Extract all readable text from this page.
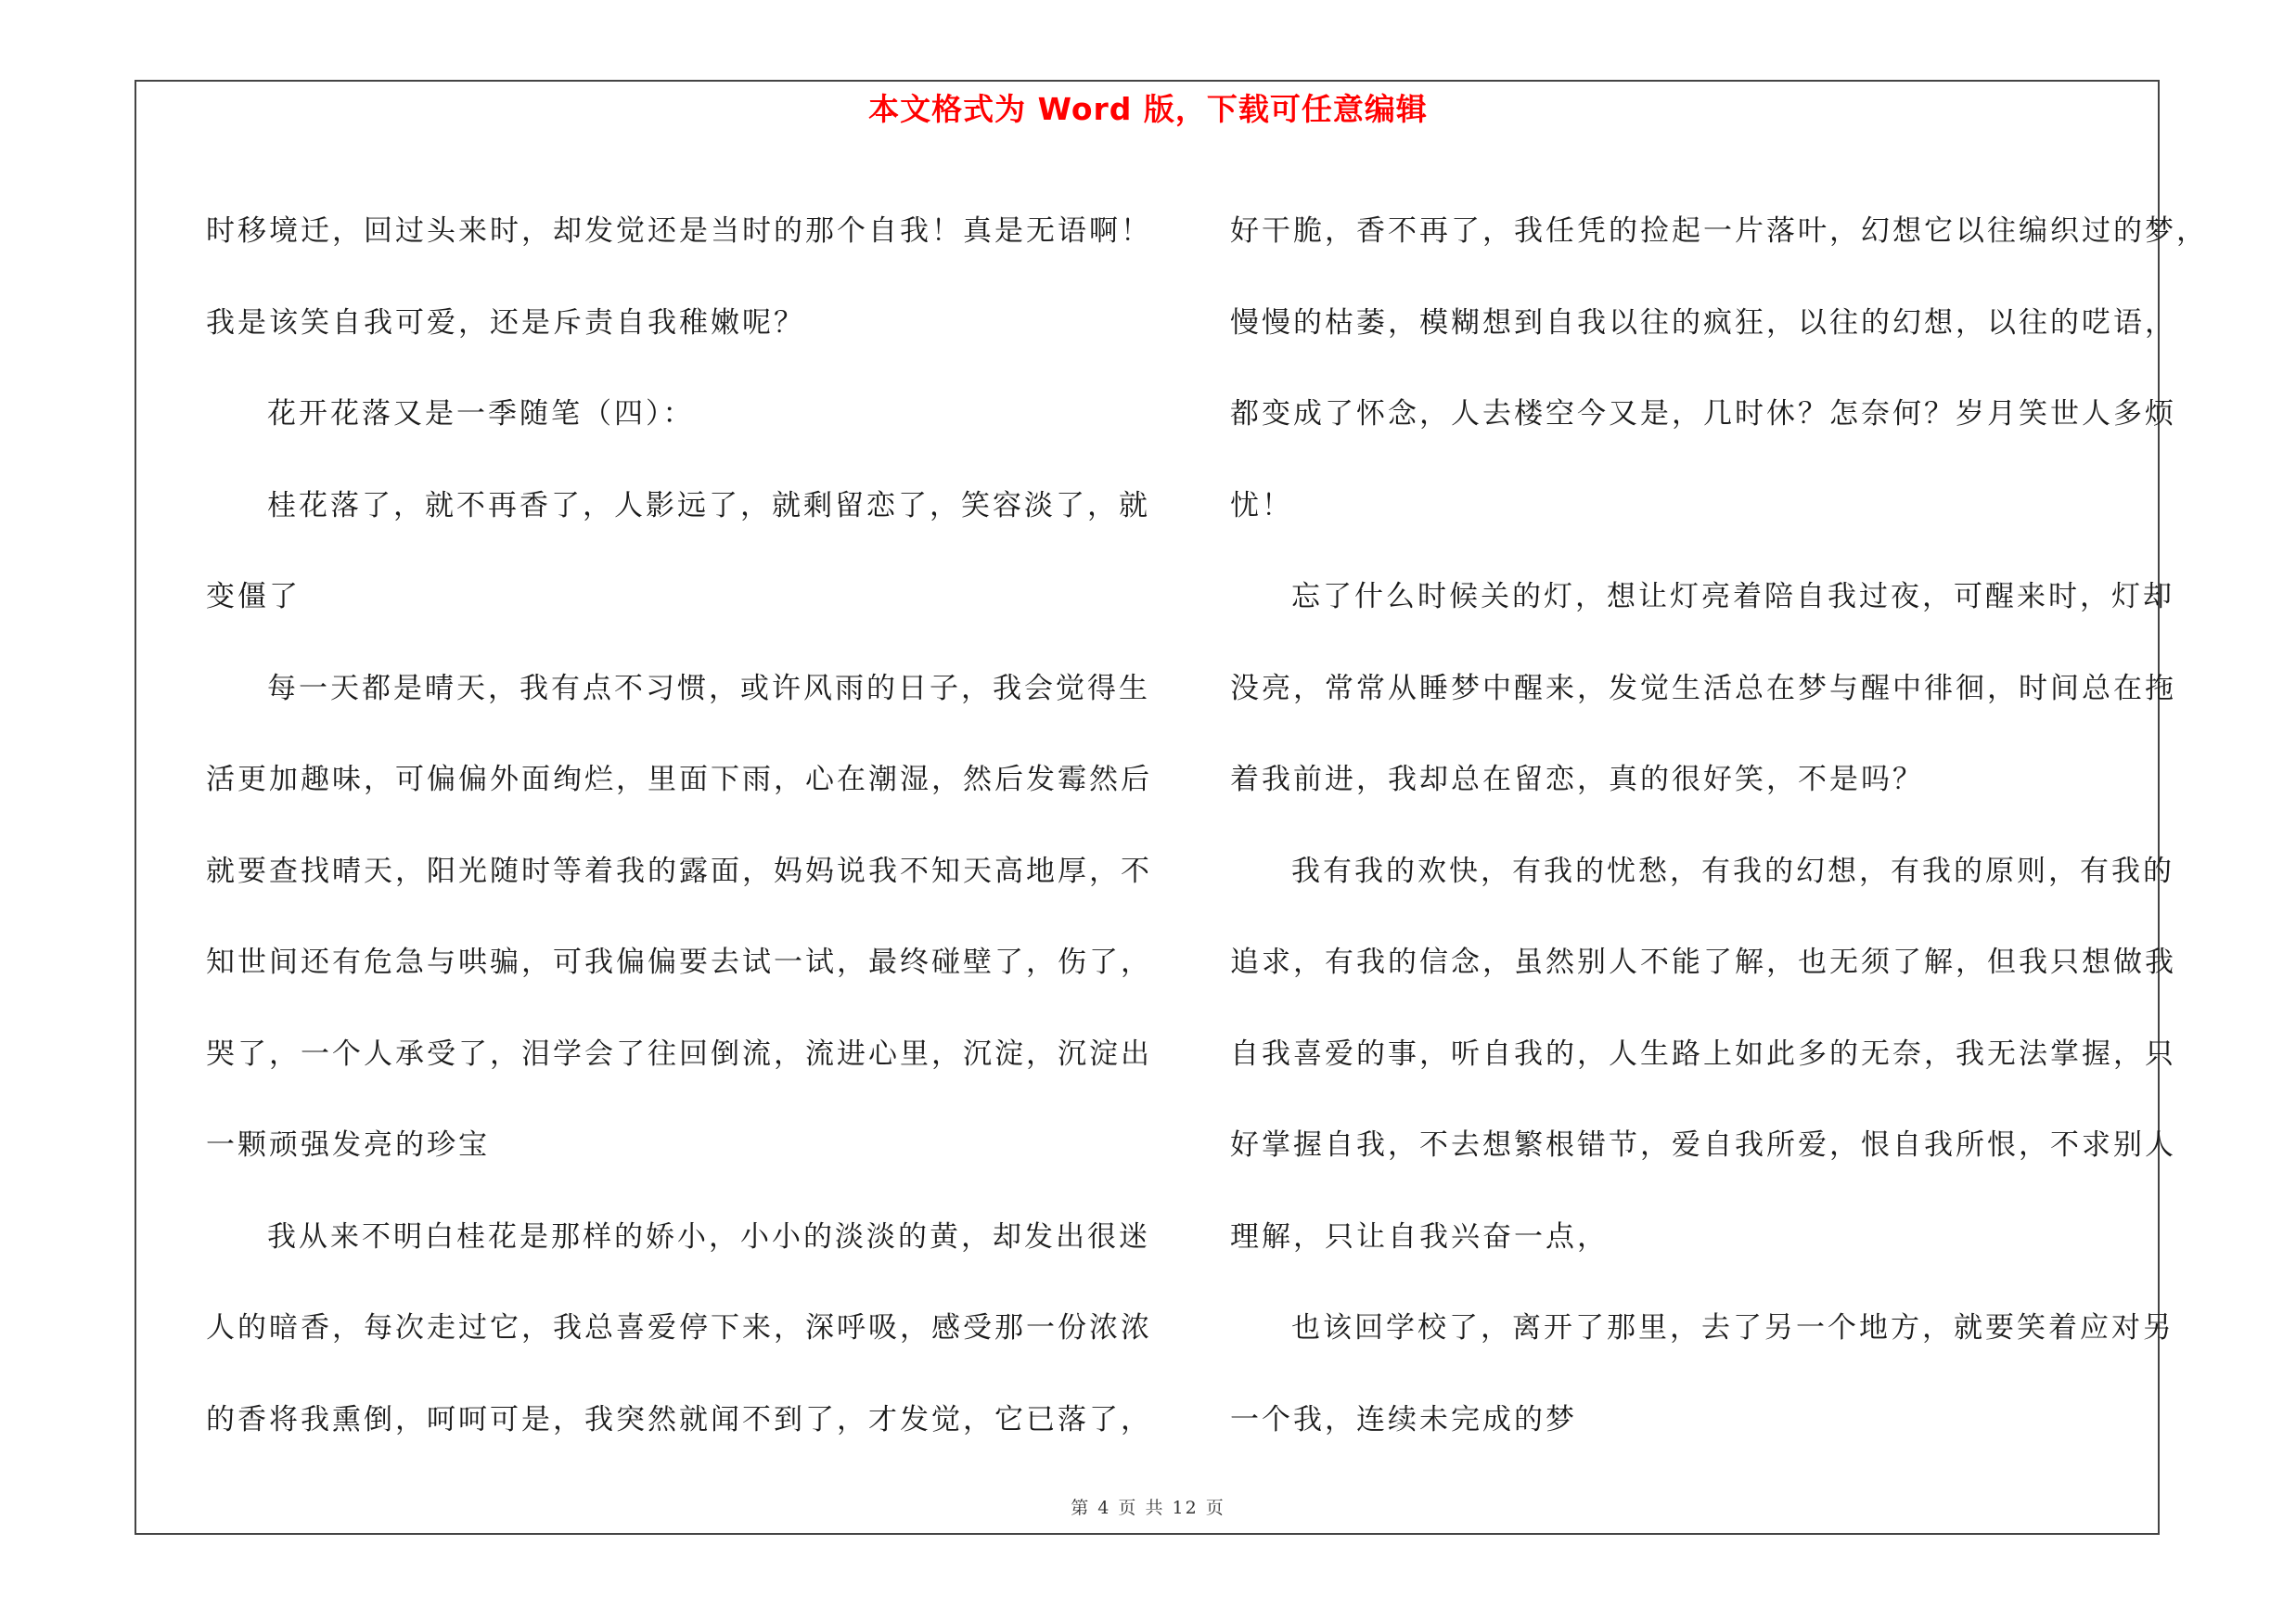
本文格式为 Word 版，下载可任意编辑
时移境迁，回过头来时，却发觉还是当时的那个自我！真是无语啊！
我是该笑自我可爱，还是斥责自我稚嫩呢？
花开花落又是一季随笔（四）：
桂花落了，就不再香了，人影远了，就剩留恋了，笑容淡了，就
变僵了
每一天都是晴天，我有点不习惯，或许风雨的日子，我会觉得生
活更加趣味，可偏偏外面绚烂，里面下雨，心在潮湿，然后发霉然后
就要查找晴天，阳光随时等着我的露面，妈妈说我不知天高地厚，不
知世间还有危急与哄骗，可我偏偏要去试一试，最终碰壁了，伤了，
哭了，一个人承受了，泪学会了往回倒流，流进心里，沉淀，沉淀出
一颗顽强发亮的珍宝
我从来不明白桂花是那样的娇小，小小的淡淡的黄，却发出很迷
人的暗香，每次走过它，我总喜爱停下来，深呼吸，感受那一份浓浓
的香将我熏倒，呵呵可是，我突然就闻不到了，才发觉，它已落了，
好干脆，香不再了，我任凭的捡起一片落叶，幻想它以往编织过的梦，
慢慢的枯萎，模糊想到自我以往的疯狂，以往的幻想，以往的呓语，
都变成了怀念，人去楼空今又是，几时休？怎奈何？岁月笑世人多烦
忧！
忘了什么时候关的灯，想让灯亮着陪自我过夜，可醒来时，灯却
没亮，常常从睡梦中醒来，发觉生活总在梦与醒中徘徊，时间总在拖
着我前进，我却总在留恋，真的很好笑，不是吗？
我有我的欢快，有我的忧愁，有我的幻想，有我的原则，有我的
追求，有我的信念，虽然别人不能了解，也无须了解，但我只想做我
自我喜爱的事，听自我的，人生路上如此多的无奈，我无法掌握，只
好掌握自我，不去想繁根错节，爱自我所爱，恨自我所恨，不求别人
理解，只让自我兴奋一点，
也该回学校了，离开了那里，去了另一个地方，就要笑着应对另
一个我，连续未完成的梦
第 4 页 共 12 页
